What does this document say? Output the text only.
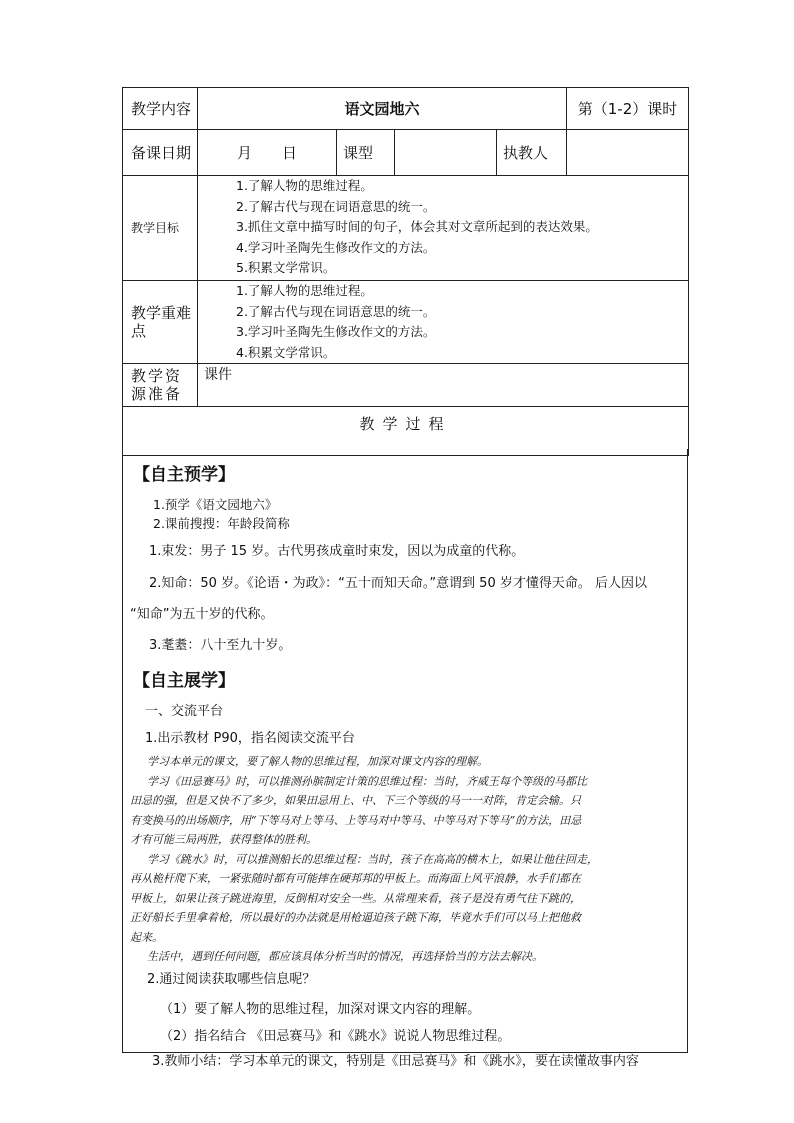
教学内容	语文园地六				第（1-2）课时
备课日期	月　　日	课型		执教人	
教学目标	1.了解人物的思维过程。
2.了解古代与现在词语意思的统一。
3.抓住文章中描写时间的句子，体会其对文章所起到的表达效果。
4.学习叶圣陶先生修改作文的方法。
5.积累文学常识。				

教学重难点	1.了解人物的思维过程。
2.了解古代与现在词语意思的统一。
3.学习叶圣陶先生修改作文的方法。
4.积累文学常识。				

教学资源准备	课件				
教学过程					
【自主预学】
1.预学《语文园地六》
2.课前搜搜：年龄段简称
1.束发：男子 15 岁。古代男孩成童时束发，因以为成童的代称。
2.知命：50 岁。《论语・为政》：“五十而知天命。”意谓到 50 岁才懂得天命。 后人因以
“知命”为五十岁的代称。
3.耄耋：八十至九十岁。
【自主展学】
一、交流平台
1.出示教材 P90，指名阅读交流平台
学习本单元的课文，要了解人物的思维过程，加深对课文内容的理解。
学习《田忌赛马》时，可以推测孙膑制定计策的思维过程：当时，齐威王每个等级的马都比
田忌的强，但是又快不了多少，如果田忌用上、中、下三个等级的马一一对阵，肯定会输。只
有变换马的出场顺序，用“下等马对上等马、上等马对中等马、中等马对下等马”的方法，田忌
才有可能三局两胜，获得整体的胜利。
学习《跳水》时，可以推测船长的思维过程：当时，孩子在高高的横木上，如果让他往回走，
再从桅杆爬下来，一紧张随时都有可能摔在硬邦邦的甲板上。而海面上风平浪静，水手们都在
甲板上，如果让孩子跳进海里，反倒相对安全一些。从常理来看，孩子是没有勇气往下跳的，
正好船长手里拿着枪，所以最好的办法就是用枪逼迫孩子跳下海，毕竟水手们可以马上把他救
起来。
生活中，遇到任何问题，都应该具体分析当时的情况，再选择恰当的方法去解决。
2.通过阅读获取哪些信息呢？
（1）要了解人物的思维过程，加深对课文内容的理解。
（2）指名结合 《田忌赛马》和《跳水》说说人物思维过程。
3.教师小结：学习本单元的课文，特别是《田忌赛马》和《跳水》，要在读懂故事内容
